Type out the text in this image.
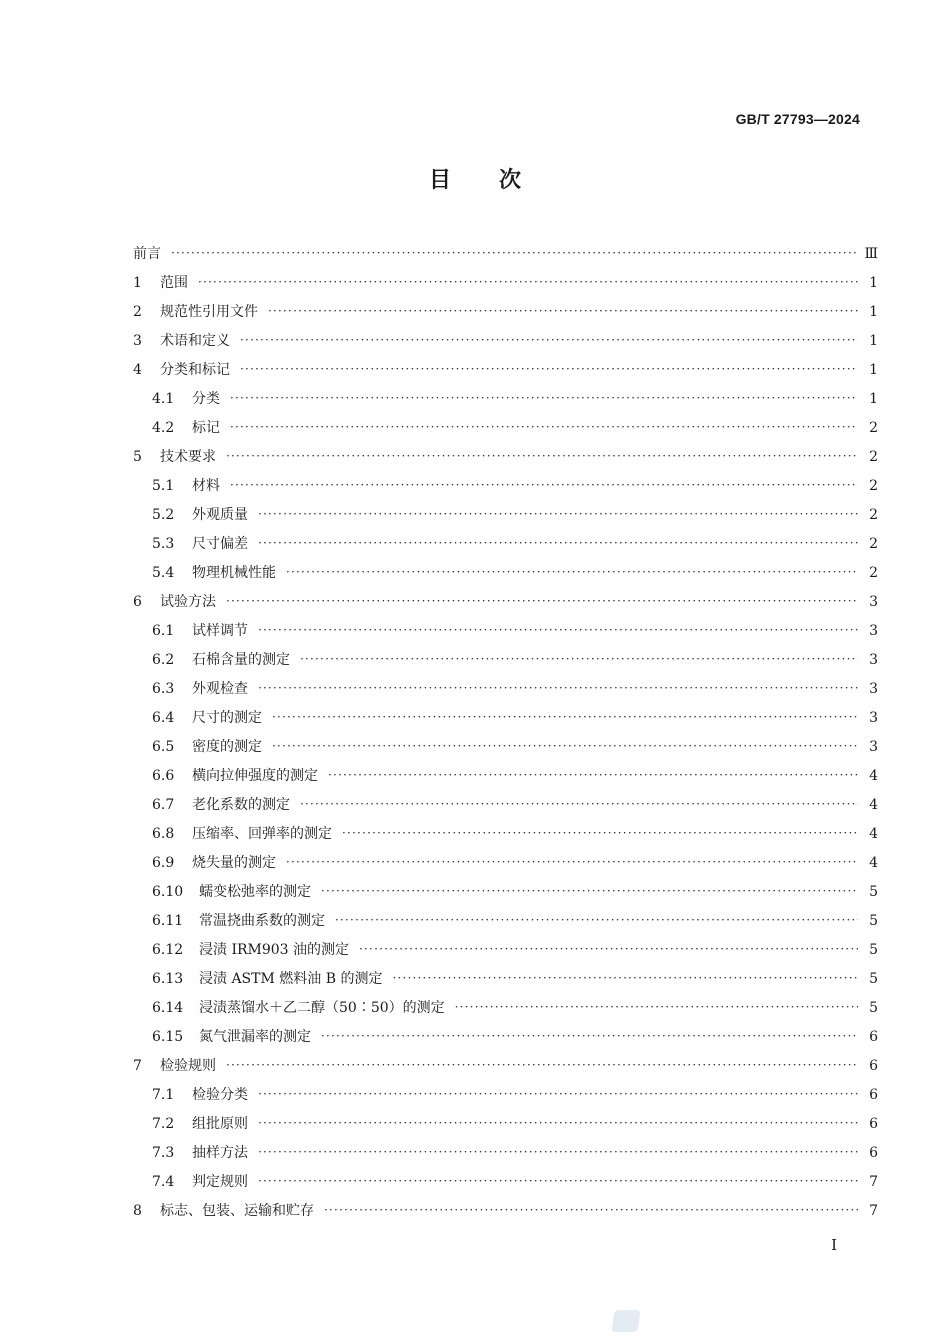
GB/T 27793—2024
目次
前言 ·····	Ⅲ
1	范围 ·····	1
2	规范性引用文件 ·····	1
3	术语和定义 ·····	1
4	分类和标记 ·····	1
4.1	分类 ·····	1
4.2	标记 ·····	2
5	技术要求 ·····	2
5.1	材料 ·····	2
5.2	外观质量 ·····	2
5.3	尺寸偏差 ·····	2
5.4	物理机械性能 ·····	2
6	试验方法 ·····	3
6.1	试样调节 ·····	3
6.2	石棉含量的测定 ·····	3
6.3	外观检查 ·····	3
6.4	尺寸的测定 ·····	3
6.5	密度的测定 ·····	3
6.6	横向拉伸强度的测定 ·····	4
6.7	老化系数的测定 ·····	4
6.8	压缩率、回弹率的测定 ·····	4
6.9	烧失量的测定 ·····	4
6.10	蠕变松弛率的测定 ·····	5
6.11	常温挠曲系数的测定 ·····	5
6.12	浸渍 IRM903 油的测定 ·····	5
6.13	浸渍 ASTM 燃料油 B 的测定 ·····	5
6.14	浸渍蒸馏水＋乙二醇（50∶50）的测定 ·····	5
6.15	氮气泄漏率的测定 ·····	6
7	检验规则 ·····	6
7.1	检验分类 ·····	6
7.2	组批原则 ·····	6
7.3	抽样方法 ·····	6
7.4	判定规则 ·····	7
8	标志、包装、运输和贮存 ·····	7
Ⅰ
